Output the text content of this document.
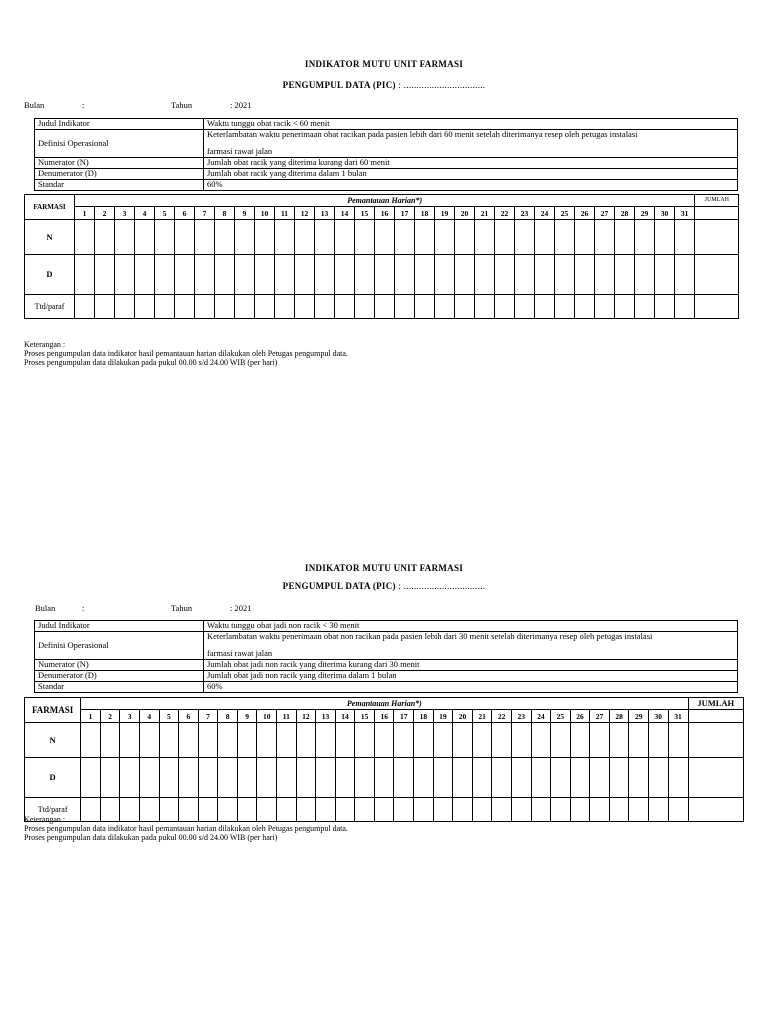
INDIKATOR MUTU UNIT FARMASI
PENGUMPUL DATA (PIC) : ................................
Bulan	:	Tahun	: 2021
Judul Indikator	Waktu tunggu obat racik < 60 menit
Definisi Operasional	Keterlambatan waktu penerimaan obat racikan pada pasien lebih dari 60 menit setelah diterimanya resep oleh petugas instalasi
farmasi rawat jalan

Numerator (N)	Jumlah obat racik yang diterima kurang dari 60 menit
Denumerator (D)	Jumlah obat racik yang diterima dalam 1 bulan
Standar	60%
FARMASI	Pemantauan Harian*)																															JUMLAH
	1	2	3	4	5	6	7	8	9	10	11	12	13	14	15	16	17	18	19	20	21	22	23	24	25	26	27	28	29	30	31	
N																																
D																																
Ttd/paraf																																
Keterangan :
Proses pengumpulan data indikator hasil pemantauan harian dilakukan oleh Petugas pengumpul data.
Proses pengumpulan data dilakukan pada pukul 00.00 s/d 24.00 WIB (per hari)
INDIKATOR MUTU UNIT FARMASI
PENGUMPUL DATA (PIC) : ................................
Bulan	:	Tahun	: 2021
Judul Indikator	Waktu tunggu obat jadi non racik < 30 menit
Definisi Operasional	Keterlambatan waktu penerimaan obat non racikan pada pasien lebih dari 30 menit setelah diterimanya resep oleh petugas instalasi
farmasi rawat jalan

Numerator (N)	Jumlah obat jadi non racik yang diterima kurang dari 30 menit
Denumerator (D)	Jumlah obat jadi non racik yang diterima dalam 1 bulan
Standar	60%
FARMASI	Pemantauan Harian*)																															JUMLAH
	1	2	3	4	5	6	7	8	9	10	11	12	13	14	15	16	17	18	19	20	21	22	23	24	25	26	27	28	29	30	31	
N																																
D																																
Ttd/paraf																																
Keterangan :
Proses pengumpulan data indikator hasil pemantauan harian dilakukan oleh Petugas pengumpul data.
Proses pengumpulan data dilakukan pada pukul 00.00 s/d 24.00 WIB (per hari)
